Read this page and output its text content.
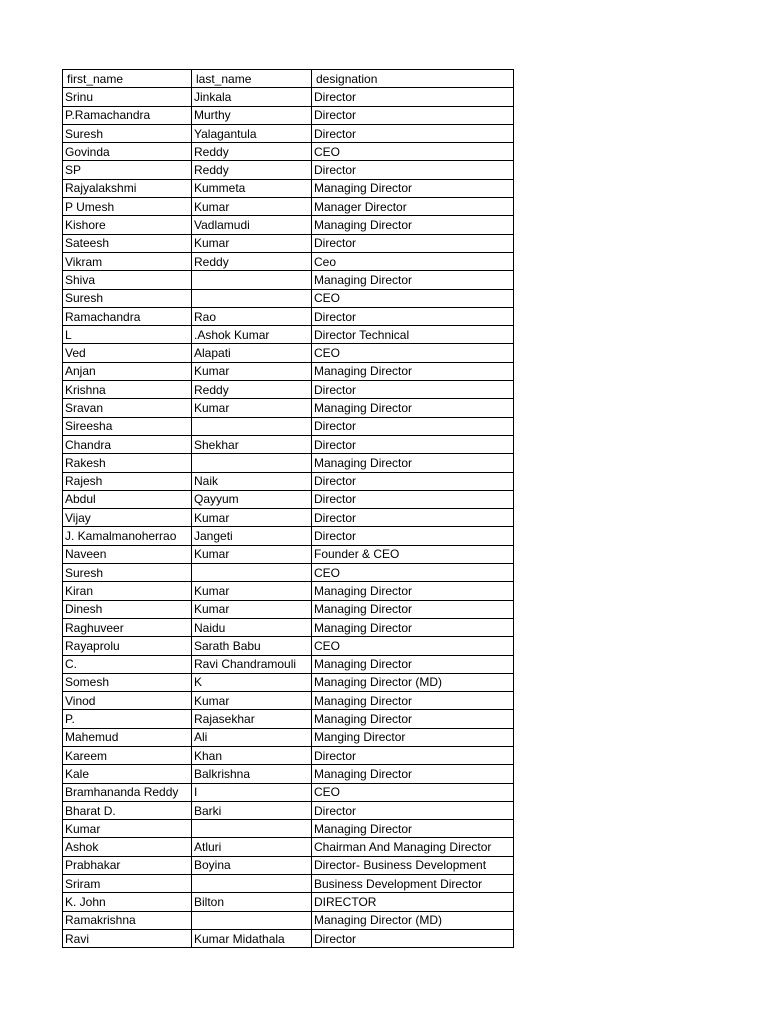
first_name	last_name	designation
Srinu	Jinkala	Director
P.Ramachandra	Murthy	Director
Suresh	Yalagantula	Director
Govinda	Reddy	CEO
SP	Reddy	Director
Rajyalakshmi	Kummeta	Managing Director
P Umesh	Kumar	Manager Director
Kishore	Vadlamudi	Managing Director
Sateesh	Kumar	Director
Vikram	Reddy	Ceo
Shiva		Managing Director
Suresh		CEO
Ramachandra	Rao	Director
L	.Ashok Kumar	Director Technical
Ved	Alapati	CEO
Anjan	Kumar	Managing Director
Krishna	Reddy	Director
Sravan	Kumar	Managing Director
Sireesha		Director
Chandra	Shekhar	Director
Rakesh		Managing Director
Rajesh	Naik	Director
Abdul	Qayyum	Director
Vijay	Kumar	Director
J. Kamalmanoherrao	Jangeti	Director
Naveen	Kumar	Founder & CEO
Suresh		CEO
Kiran	Kumar	Managing Director
Dinesh	Kumar	Managing Director
Raghuveer	Naidu	Managing Director
Rayaprolu	Sarath Babu	CEO
C.	Ravi Chandramouli	Managing Director
Somesh	K	Managing Director (MD)
Vinod	Kumar	Managing Director
P.	Rajasekhar	Managing Director
Mahemud	Ali	Manging Director
Kareem	Khan	Director
Kale	Balkrishna	Managing Director
Bramhananda Reddy	I	CEO
Bharat D.	Barki	Director
Kumar		Managing Director
Ashok	Atluri	Chairman And Managing Director
Prabhakar	Boyina	Director- Business Development
Sriram		Business Development Director
K. John	Bilton	DIRECTOR
Ramakrishna		Managing Director (MD)
Ravi	Kumar Midathala	Director
